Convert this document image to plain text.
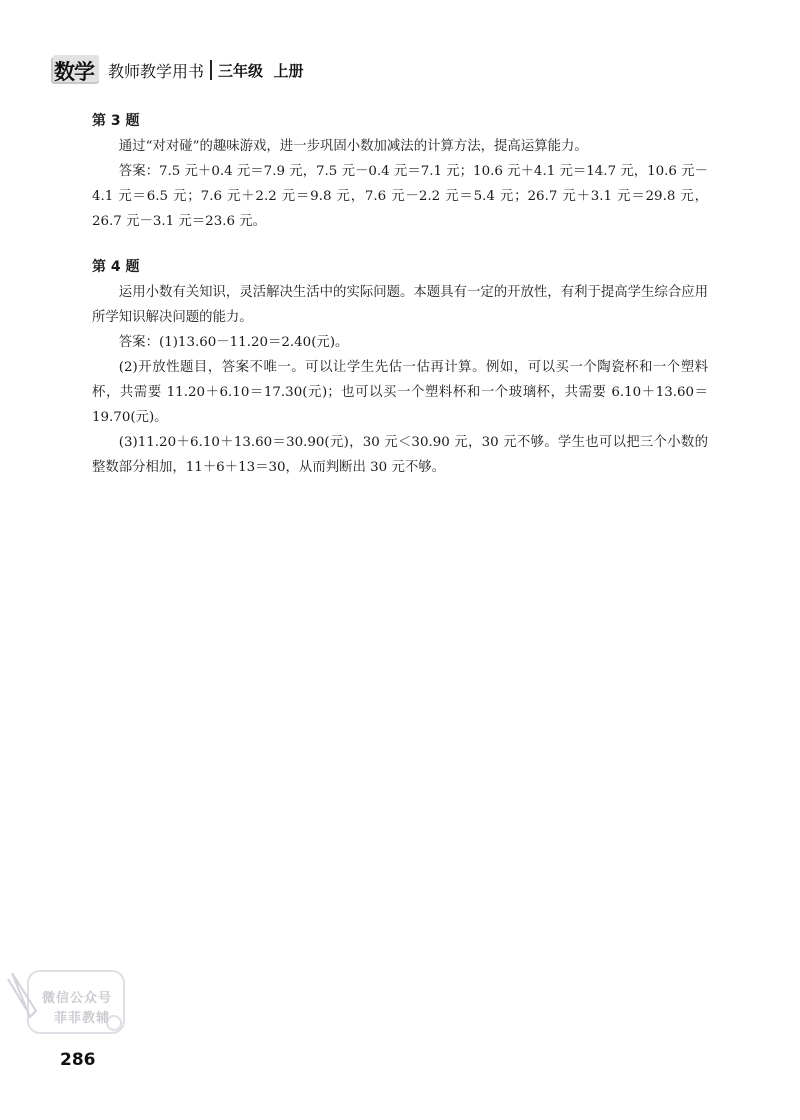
数学 教师教学用书 三年级  上册

第 3 题

通过“对对碰”的趣味游戏，进一步巩固小数加减法的计算方法，提高运算能力。

答案：7.5 元＋0.4 元＝7.9 元，7.5 元－0.4 元＝7.1 元；10.6 元＋4.1 元＝14.7 元，10.6 元－4.1 元＝6.5 元；7.6 元＋2.2 元＝9.8 元，7.6 元－2.2 元＝5.4 元；26.7 元＋3.1 元＝29.8 元，26.7 元－3.1 元＝23.6 元。

第 4 题

运用小数有关知识，灵活解决生活中的实际问题。本题具有一定的开放性，有利于提高学生综合应用所学知识解决问题的能力。

答案：(1)13.60－11.20＝2.40(元)。

(2)开放性题目，答案不唯一。可以让学生先估一估再计算。例如，可以买一个陶瓷杯和一个塑料杯，共需要 11.20＋6.10＝17.30(元)；也可以买一个塑料杯和一个玻璃杯，共需要 6.10＋13.60＝19.70(元)。

(3)11.20＋6.10＋13.60＝30.90(元)，30 元＜30.90 元，30 元不够。学生也可以把三个小数的整数部分相加，11＋6＋13＝30，从而判断出 30 元不够。

微信公众号
菲菲教辅
286
